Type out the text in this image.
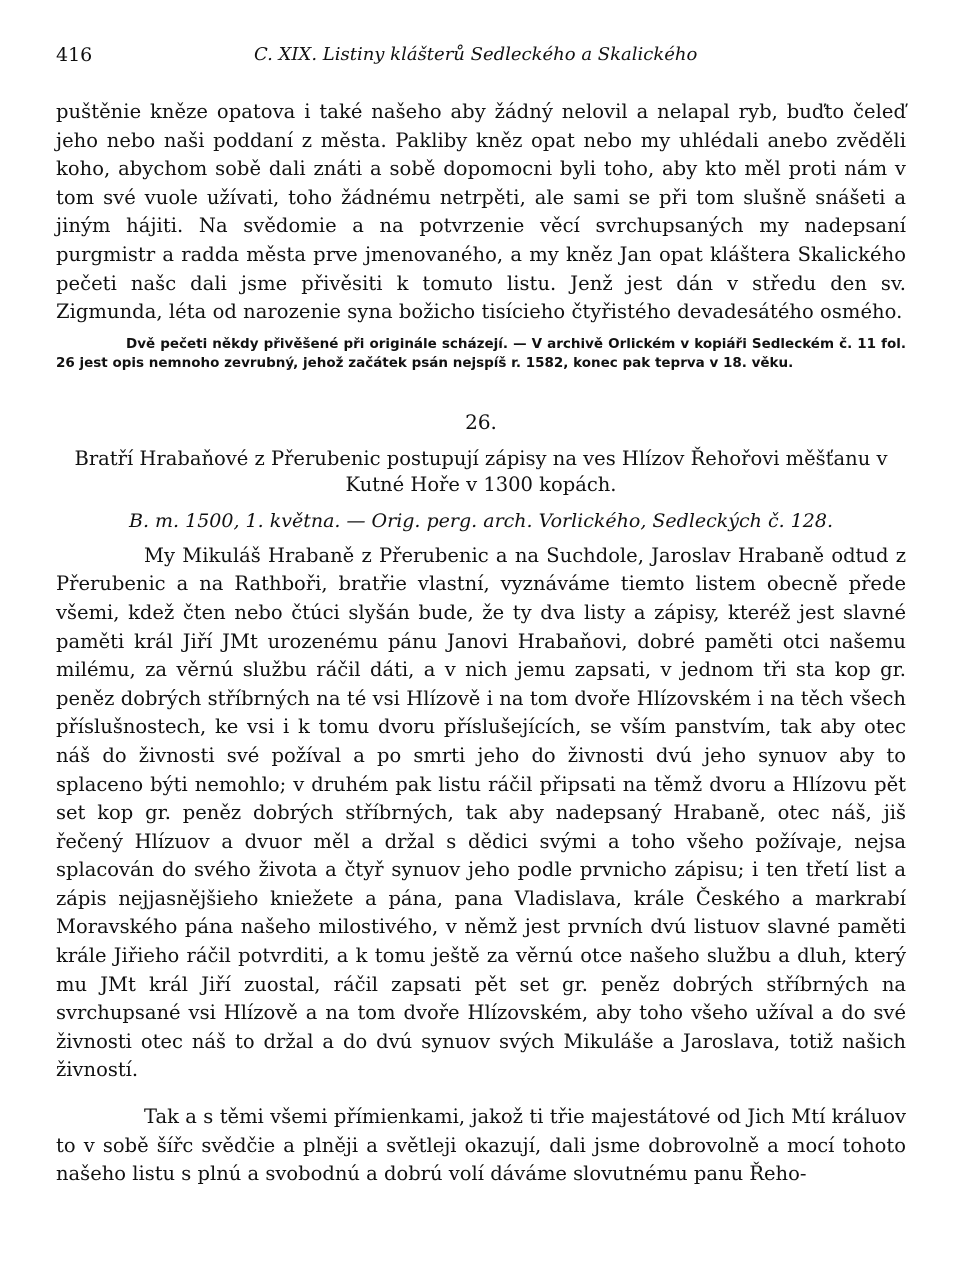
416	C. XIX. Listiny klášterů Sedleckého a Skalického

puštěnie kněze opatova i také našeho aby žádný nelovil a nelapal ryb, buďto čeleď jeho nebo naši poddaní z města. Pakliby kněz opat nebo my uhlédali anebo zvěděli koho, abychom sobě dali znáti a sobě dopomocni byli toho, aby kto měl proti nám v tom své vuole užívati, toho žádnému netrpěti, ale sami se při tom slušně snášeti a jiným hájiti. Na svědomie a na potvrzenie věcí svrchupsaných my nadepsaní purgmistr a radda města prve jmenovaného, a my kněz Jan opat kláštera Skalického pečeti našc dali jsme přivěsiti k tomuto listu. Jenž jest dán v středu den sv. Zigmunda, léta od narozenie syna božicho tisícieho čtyřistého devadesátého osmého.

Dvě pečeti někdy přivěšené při originále scházejí. — V archivě Orlickém v kopiáři Sedleckém č. 11 fol. 26 jest opis nemnoho zevrubný, jehož začátek psán nejspíš r. 1582, konec pak teprva v 18. věku.

26.

Bratří Hrabaňové z Přerubenic postupují zápisy na ves Hlízov Řehořovi měšťanu v Kutné Hoře v 1300 kopách.

B. m. 1500, 1. května. — Orig. perg. arch. Vorlického, Sedleckých č. 128.

My Mikuláš Hrabaně z Přerubenic a na Suchdole, Jaroslav Hrabaně odtud z Přerubenic a na Rathboři, bratřie vlastní, vyznáváme tiemto listem obecně přede všemi, kdež čten nebo čtúci slyšán bude, že ty dva listy a zápisy, kteréž jest slavné paměti král Jiří JMt urozenému pánu Janovi Hrabaňovi, dobré paměti otci našemu milému, za věrnú službu ráčil dáti, a v nich jemu zapsati, v jednom tři sta kop gr. peněz dobrých stříbrných na té vsi Hlízově i na tom dvoře Hlízovském i na těch všech příslušnostech, ke vsi i k tomu dvoru příslušejících, se vším panstvím, tak aby otec náš do živnosti své požíval a po smrti jeho do živnosti dvú jeho synuov aby to splaceno býti nemohlo; v druhém pak listu ráčil připsati na těmž dvoru a Hlízovu pět set kop gr. peněz dobrých stříbrných, tak aby nadepsaný Hrabaně, otec náš, jiš řečený Hlízuov a dvuor měl a držal s dědici svými a toho všeho požívaje, nejsa splacován do svého života a čtyř synuov jeho podle prvnicho zápisu; i ten třetí list a zápis nejjasnějšieho kniežete a pána, pana Vladislava, krále Českého a markrabí Moravského pána našeho milostivého, v němž jest prvních dvú listuov slavné paměti krále Jiřieho ráčil potvrditi, a k tomu ještě za věrnú otce našeho službu a dluh, který mu JMt král Jiří zuostal, ráčil zapsati pět set gr. peněz dobrých stříbrných na svrchupsané vsi Hlízově a na tom dvoře Hlízovském, aby toho všeho užíval a do své živnosti otec náš to držal a do dvú synuov svých Mikuláše a Jaroslava, totiž našich živností.

Tak a s těmi všemi přímienkami, jakož ti třie majestátové od Jich Mtí králuov to v sobě šířc svědčie a plněji a světleji okazují, dali jsme dobrovolně a mocí tohoto našeho listu s plnú a svobodnú a dobrú volí dáváme slovutnému panu Řeho-
